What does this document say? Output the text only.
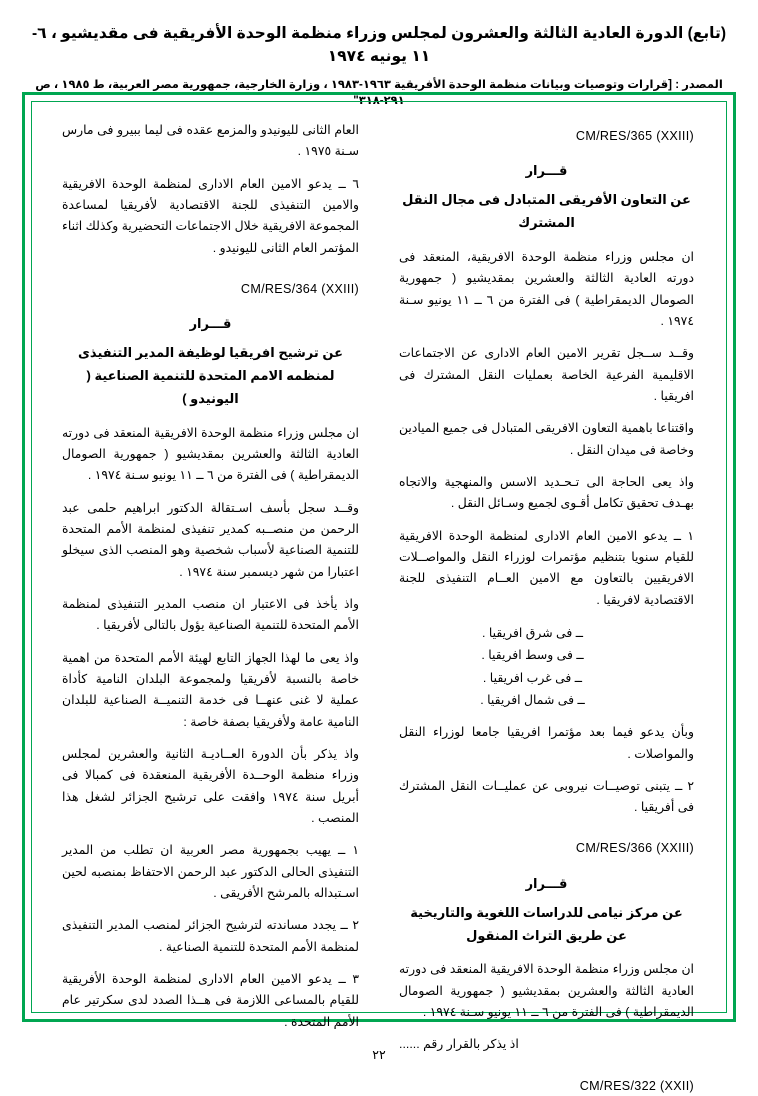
(تابع) الدورة العادية الثالثة والعشرون لمجلس وزراء منظمة الوحدة الأفريقية فى مقديشيو ، ٦- ١١ يونيه ١٩٧٤
المصدر : [قرارات وتوصيات وبيانات منظمة الوحدة الأفريقية ١٩٦٣-١٩٨٣ ، وزارة الخارجية، جمهورية مصر العربية، ط ١٩٨٥ ، ص ٢٩١-٣١٨"
CM/RES/365 (XXIII)
قـــرار
عن التعاون الأفريقى المتبادل فى مجال النقل المشترك

ان مجلس وزراء منظمة الوحدة الافريقية، المنعقد فى دورته العادية الثالثة والعشرين بمقديشيو ( جمهورية الصومال الديمقراطية ) فى الفترة من ٦ ــ ١١ يونيو سـنة ١٩٧٤ .

وقــد ســجل تقرير الامين العام الادارى عن الاجتماعات الاقليمية الفرعية الخاصة بعمليات النقل المشترك فى افريقيا .

واقتناعا باهمية التعاون الافريقى المتبادل فى جميع الميادين وخاصة فى ميدان النقل .

واذ يعى الحاجة الى تـحـديد الاسس والمنهجية والاتجاه بهـدف تحقيق تكامل أقـوى لجميع وسـائل النقل .

١ ــ يدعو الامين العام الادارى لمنظمة الوحدة الافريقية للقيام سنويا بتنظيم مؤتمرات لوزراء النقل والمواصــلات الافريقيين بالتعاون مع الامين العــام التنفيذى للجنة الاقتصادية لافريقيا .

ــ فى شرق افريقيا .
ــ فى وسط افريقيا .
ــ فى غرب افريقيا .
ــ فى شمال افريقيا .

وبأن يدعو فيما بعد مؤتمرا افريقيا جامعا لوزراء النقل والمواصلات .

٢ ــ يتبنى توصيــات نيروبى عن عمليــات النقل المشترك فى أفريقيا .

CM/RES/366 (XXIII)
قـــرار
عن مركز نيامى للدراسات اللغوية والتاريخية عن طريق التراث المنقول

ان مجلس وزراء منظمة الوحدة الافريقية المنعقد فى دورته العادية الثالثة والعشرين بمقديشيو ( جمهورية الصومال الديمقراطية ) فى الفترة من ٦ ــ ١١ يونيو سـنة ١٩٧٤ .

اذ يذكر بالقرار رقم ......

CM/RES/322 (XXII)

العام الثانى لليونيدو والمزمع عقده فى ليما ببيرو فى مارس سـنة ١٩٧٥ .

٦ ــ يدعو الامين العام الادارى لمنظمة الوحدة الافريقية والامين التنفيذى للجنة الاقتصادية لأفريقيا لمساعدة المجموعة الافريقية خلال الاجتماعات التحضيرية وكذلك اثناء المؤتمر العام الثانى لليونيدو .

CM/RES/364 (XXIII)
قـــرار
عن ترشيح افريقيا لوظيفة المدير التنفيذى لمنظمه الامم المتحدة للتنمية الصناعية ( اليونيدو )

ان مجلس وزراء منظمة الوحدة الافريقية المنعقد فى دورته العادية الثالثة والعشرين بمقديشيو ( جمهورية الصومال الديمقراطية ) فى الفترة من ٦ ــ ١١ يونيو سـنة ١٩٧٤ .

وقــد سجل بأسف اسـتقالة الدكتور ابراهيم حلمى عبد الرحمن من منصــبه كمدير تنفيذى لمنظمة الأمم المتحدة للتنمية الصناعية لأسباب شخصية وهو المنصب الذى سيخلو اعتبارا من شهر ديسمبر سنة ١٩٧٤ .

واذ يأخذ فى الاعتبار ان منصب المدير التنفيذى لمنظمة الأمم المتحدة للتنمية الصناعية يؤول بالتالى لأفريقيا .

واذ يعى ما لهذا الجهاز التابع لهيئة الأمم المتحدة من اهمية خاصة بالنسبة لأفريقيا ولمجموعة البلدان النامية كأداة عملية لا غنى عنهــا فى خدمة التنميــة الصناعية للبلدان النامية عامة ولأفريقيا بصفة خاصة :

واذ يذكر بأن الدورة العــاديـة الثانية والعشرين لمجلس وزراء منظمة الوحــدة الأفريقية المنعقدة فى كمبالا فى أبريل سنة ١٩٧٤ وافقت على ترشيح الجزائر لشغل هذا المنصب .

١ ــ يهيب بجمهورية مصر العربية ان تطلب من المدير التنفيذى الحالى الدكتور عبد الرحمن الاحتفاظ بمنصبه لحين اسـتبداله بالمرشح الأفريقى .

٢ ــ يجدد مساندته لترشيح الجزائر لمنصب المدير التنفيذى لمنظمة الأمم المتحدة للتنمية الصناعية .

٣ ــ يدعو الامين العام الادارى لمنظمة الوحدة الأفريقية للقيام بالمساعى اللازمة فى هــذا الصدد لدى سكرتير عام الأمم المتحدة .

٢٢
